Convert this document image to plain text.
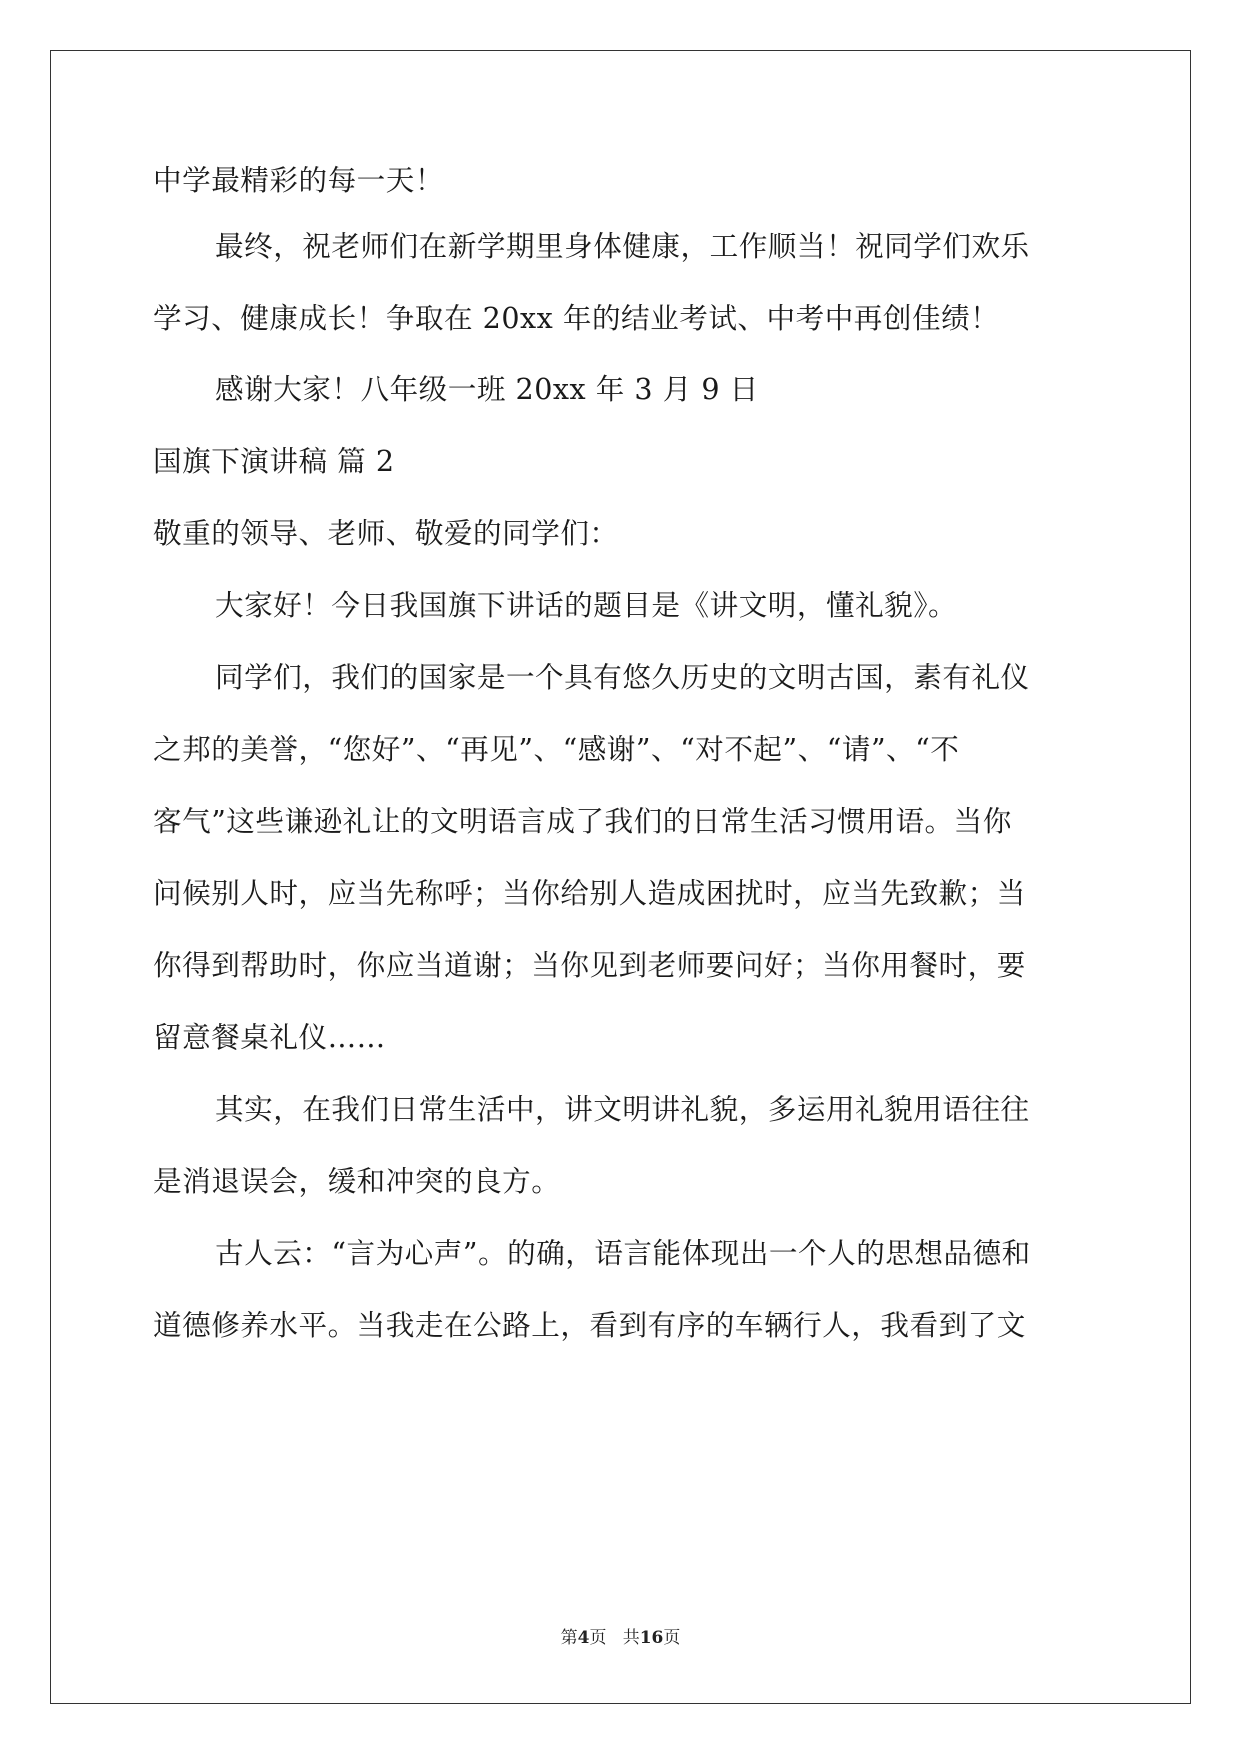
中学最精彩的每一天！
最终，祝老师们在新学期里身体健康，工作顺当！祝同学们欢乐
学习、健康成长！争取在 20xx 年的结业考试、中考中再创佳绩！
感谢大家！八年级一班 20xx 年 3 月 9 日
国旗下演讲稿 篇 2
敬重的领导、老师、敬爱的同学们：
大家好！今日我国旗下讲话的题目是《讲文明，懂礼貌》。
同学们，我们的国家是一个具有悠久历史的文明古国，素有礼仪
之邦的美誉，“您好”、“再见”、“感谢”、“对不起”、“请”、“不
客气”这些谦逊礼让的文明语言成了我们的日常生活习惯用语。当你
问候别人时，应当先称呼；当你给别人造成困扰时，应当先致歉；当
你得到帮助时，你应当道谢；当你见到老师要问好；当你用餐时，要
留意餐桌礼仪……
其实，在我们日常生活中，讲文明讲礼貌，多运用礼貌用语往往
是消退误会，缓和冲突的良方。
古人云：“言为心声”。的确，语言能体现出一个人的思想品德和
道德修养水平。当我走在公路上，看到有序的车辆行人，我看到了文
第4页 共16页
